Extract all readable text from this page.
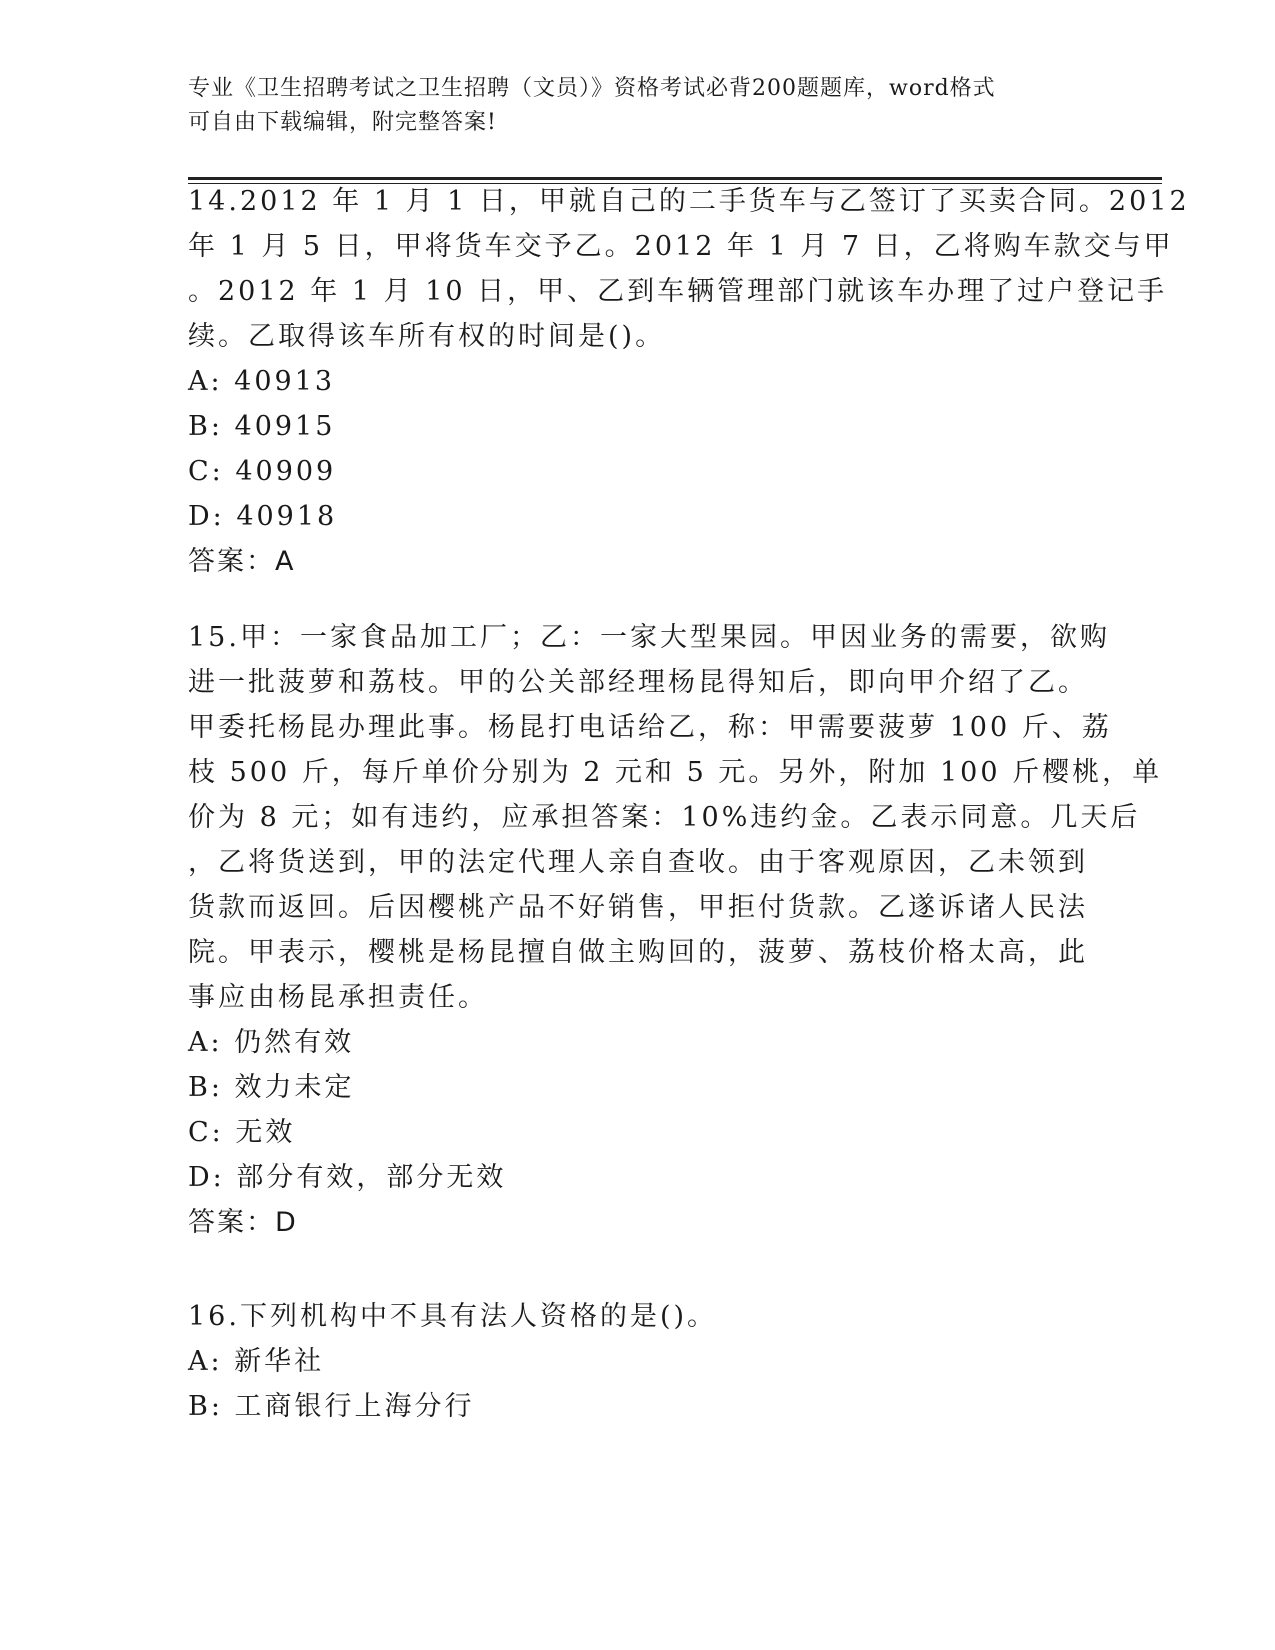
专业《卫生招聘考试之卫生招聘（文员）》资格考试必背200题题库，word格式
可自由下载编辑，附完整答案!
14.2012 年 1 月 1 日，甲就自己的二手货车与乙签订了买卖合同。2012
年 1 月 5 日，甲将货车交予乙。2012 年 1 月 7 日，乙将购车款交与甲
。2012 年 1 月 10 日，甲、乙到车辆管理部门就该车办理了过户登记手
续。乙取得该车所有权的时间是()。
A: 40913
B: 40915
C: 40909
D: 40918
答案：A
15.甲：一家食品加工厂；乙：一家大型果园。甲因业务的需要，欲购
进一批菠萝和荔枝。甲的公关部经理杨昆得知后，即向甲介绍了乙。
甲委托杨昆办理此事。杨昆打电话给乙，称：甲需要菠萝 100 斤、荔
枝 500 斤，每斤单价分别为 2 元和 5 元。另外，附加 100 斤樱桃，单
价为 8 元；如有违约，应承担答案：10%违约金。乙表示同意。几天后
，乙将货送到，甲的法定代理人亲自查收。由于客观原因，乙未领到
货款而返回。后因樱桃产品不好销售，甲拒付货款。乙遂诉诸人民法
院。甲表示，樱桃是杨昆擅自做主购回的，菠萝、荔枝价格太高，此
事应由杨昆承担责任。
A: 仍然有效
B: 效力未定
C: 无效
D: 部分有效，部分无效
答案：D
16.下列机构中不具有法人资格的是()。
A: 新华社
B: 工商银行上海分行
